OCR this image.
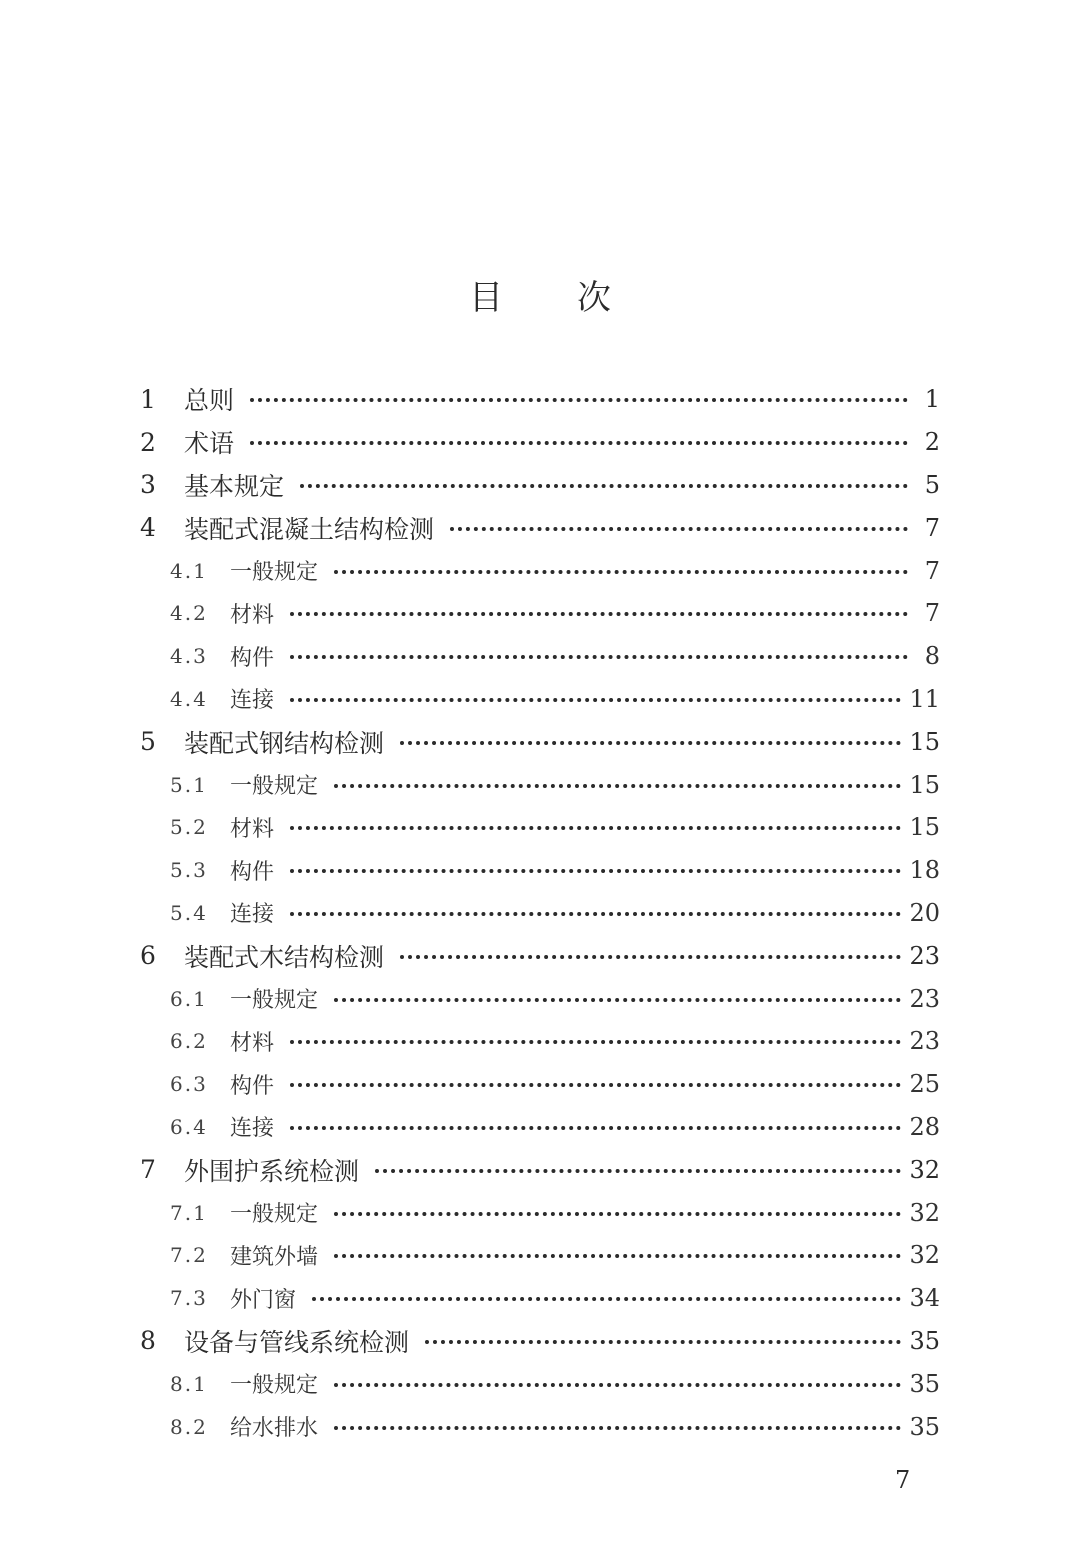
目 次
1	总则	1
2	术语	2
3	基本规定	5
4	装配式混凝土结构检测	7
4.1	一般规定	7
4.2	材料	7
4.3	构件	8
4.4	连接	11
5	装配式钢结构检测	15
5.1	一般规定	15
5.2	材料	15
5.3	构件	18
5.4	连接	20
6	装配式木结构检测	23
6.1	一般规定	23
6.2	材料	23
6.3	构件	25
6.4	连接	28
7	外围护系统检测	32
7.1	一般规定	32
7.2	建筑外墙	32
7.3	外门窗	34
8	设备与管线系统检测	35
8.1	一般规定	35
8.2	给水排水	35
7
